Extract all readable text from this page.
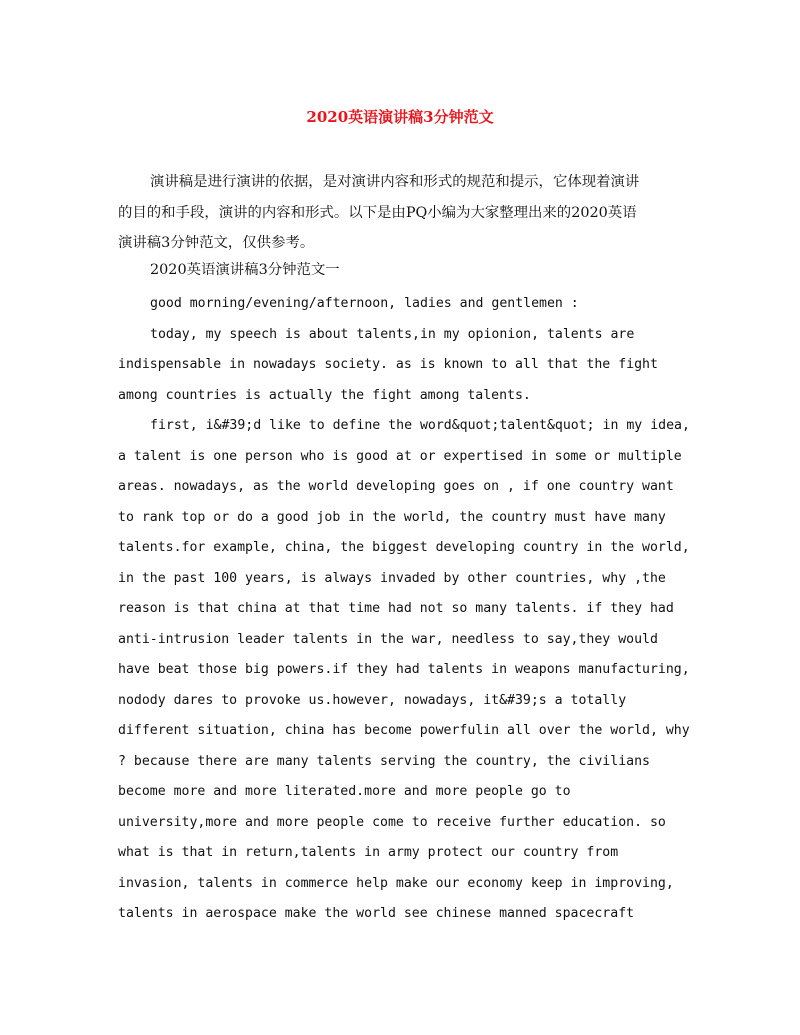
2020英语演讲稿3分钟范文
演讲稿是进行演讲的依据，是对演讲内容和形式的规范和提示，它体现着演讲
的目的和手段，演讲的内容和形式。以下是由PQ小编为大家整理出来的2020英语
演讲稿3分钟范文，仅供参考。
2020英语演讲稿3分钟范文一
good morning/evening/afternoon, ladies and gentlemen :
today, my speech is about talents,in my opionion, talents are
indispensable in nowadays society. as is known to all that the fight
among countries is actually the fight among talents.
first, i&#39;d like to define the word&quot;talent&quot; in my idea,
a talent is one person who is good at or expertised in some or multiple
areas. nowadays, as the world developing goes on , if one country want
to rank top or do a good job in the world, the country must have many
talents.for example, china, the biggest developing country in the world,
in the past 100 years, is always invaded by other countries, why ,the
reason is that china at that time had not so many talents. if they had
anti-intrusion leader talents in the war, needless to say,they would
have beat those big powers.if they had talents in weapons manufacturing,
nodody dares to provoke us.however, nowadays, it&#39;s a totally
different situation, china has become powerfulin all over the world, why
? because there are many talents serving the country, the civilians
become more and more literated.more and more people go to
university,more and more people come to receive further education. so
what is that in return,talents in army protect our country from
invasion, talents in commerce help make our economy keep in improving,
talents in aerospace make the world see chinese manned spacecraft
